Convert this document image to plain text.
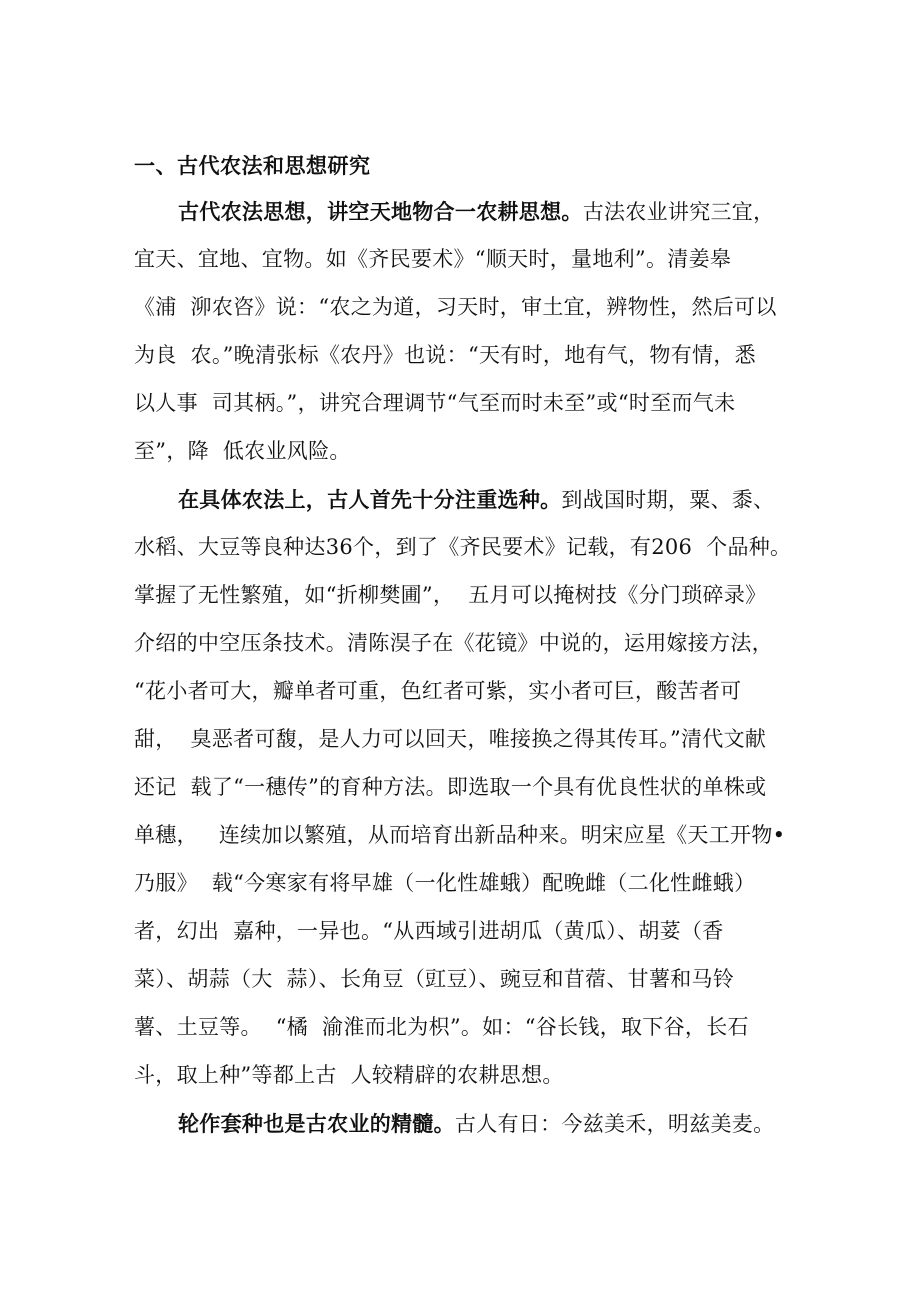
一、古代农法和思想研究
古代农法思想，讲空天地物合一农耕思想。古法农业讲究三宜，
宜天、宜地、宜物。如《齐民要术》“顺天时，量地利”。清姜皋
《浦  泖农咨》说：“农之为道，习天时，审土宜，辨物性，然后可以
为良  农。”晚清张标《农丹》也说：“天有时，地有气，物有情，悉
以人事  司其柄。”，讲究合理调节“气至而时未至”或“时至而气未
至”，降  低农业风险。
在具体农法上，古人首先十分注重选种。到战国时期，粟、黍、
水稻、大豆等良种达36个，到了《齐民要术》记载，有206  个品种。
掌握了无性繁殖，如“折柳樊圃”，  五月可以掩树技《分门琐碎录》
介绍的中空压条技术。清陈淏子在《花镜》中说的，运用嫁接方法，
“花小者可大，瓣单者可重，色红者可紫，实小者可巨，酸苦者可
甜，  臭恶者可馥，是人力可以回天，唯接换之得其传耳。”清代文献
还记  载了“一穗传”的育种方法。即选取一个具有优良性状的单株或
单穗，   连续加以繁殖，从而培育出新品种来。明宋应星《天工开物•
乃服》  载“今寒家有将早雄（一化性雄蛾）配晚雌（二化性雌蛾）
者，幻出  嘉种，一异也。“从西域引进胡瓜（黄瓜）、胡荽（香
菜）、胡蒜（大  蒜）、长角豆（豇豆）、豌豆和苜蓿、甘薯和马铃
薯、土豆等。  “橘  渝淮而北为枳”。如：“谷长钱，取下谷，长石
斗，取上种”等都上古  人较精辟的农耕思想。
轮作套种也是古农业的精髓。古人有日：今兹美禾，明兹美麦。
